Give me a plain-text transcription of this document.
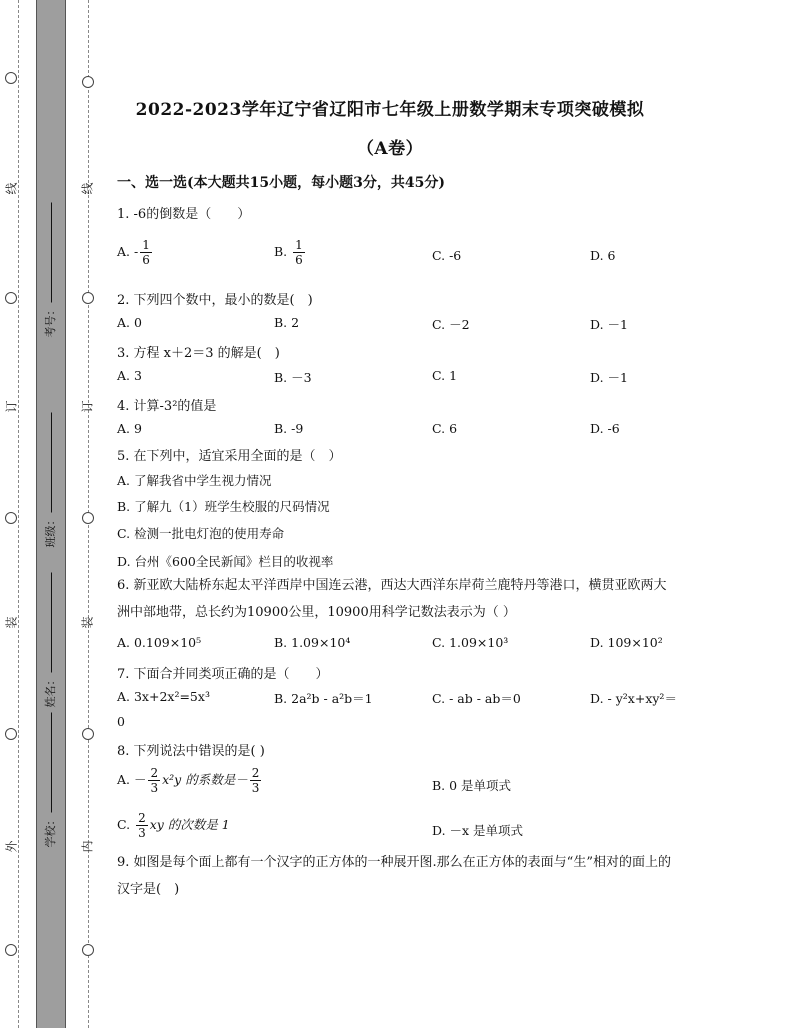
线
订
装
外
线
订
装
内
考号：
班级：
姓名：
学校：
2022-2023学年辽宁省辽阳市七年级上册数学期末专项突破模拟
（A卷）
一、选一选(本大题共15小题，每小题3分，共45分)
1. -6的倒数是（　　）
A. - $\frac{1}{6}$	B. $\frac{1}{6}$	C. -6	D. 6
2. 下列四个数中，最小的数是(　)
A. 0	B. 2	C. －2	D. －1
3. 方程 x＋2＝3 的解是(　)
A. 3	B. －3	C. 1	D. －1
4. 计算-3²的值是
A. 9	B. -9	C. 6	D. -6
5. 在下列中，适宜采用全面的是（　）
A. 了解我省中学生视力情况
B. 了解九（1）班学生校服的尺码情况
C. 检测一批电灯泡的使用寿命
D. 台州《600全民新闻》栏目的收视率
6. 新亚欧大陆桥东起太平洋西岸中国连云港，西达大西洋东岸荷兰鹿特丹等港口，横贯亚欧两大洲中部地带，总长约为10900公里，10900用科学记数法表示为（ ）
A. 0.109×10⁵	B. 1.09×10⁴	C. 1.09×10³	D. 109×10²
7. 下面合并同类项正确的是（　　）
A. 3x+2x²=5x³	B. 2a²b - a²b＝1	C. - ab - ab＝0	D. - y²x+xy²＝
0
8. 下列说法中错误的是( )
A. － $\frac{2}{3} x^2y$ 的系数是－ $\frac{2}{3}$	B. 0 是单项式
C. $\frac{2}{3}$ xy 的次数是 1	D. －x 是单项式
9. 如图是每个面上都有一个汉字的正方体的一种展开图.那么在正方体的表面与“生”相对的面上的汉字是(　)
